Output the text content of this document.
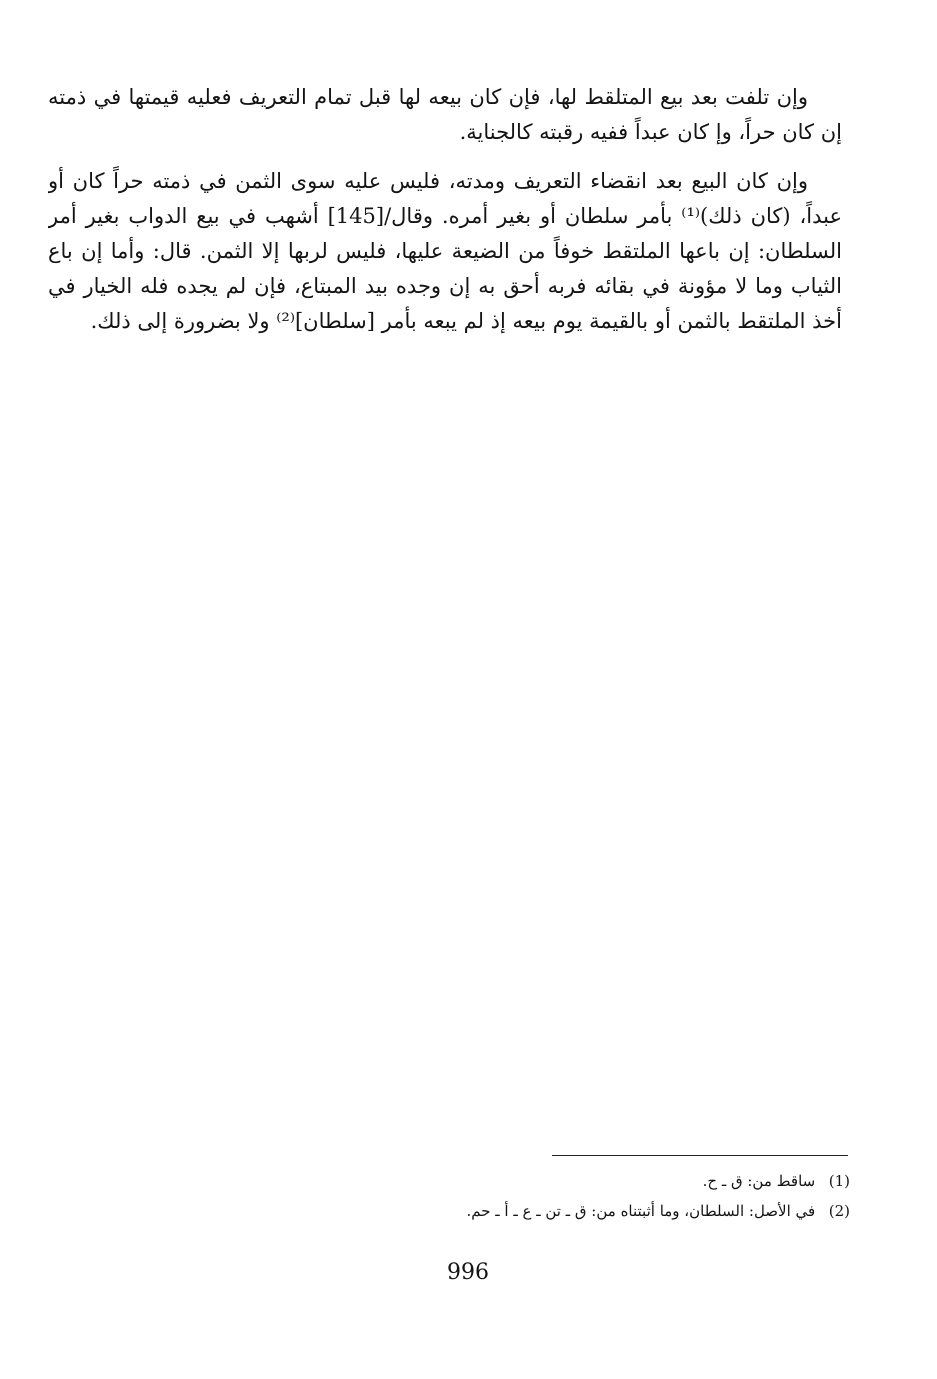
وإن تلفت بعد بيع المتلقط لها، فإن كان بيعه لها قبل تمام التعريف فعليه قيمتها في ذمته
إن كان حراً، وإ كان عبداً ففيه رقبته كالجناية.
وإن كان البيع بعد انقضاء التعريف ومدته، فليس عليه سوى الثمن في ذمته حراً كان أو
عبداً، (كان ذلك)⁽¹⁾ بأمر سلطان أو بغير أمره. وقال/[145] أشهب في بيع الدواب بغير أمر
السلطان: إن باعها الملتقط خوفاً من الضيعة عليها، فليس لربها إلا الثمن. قال: وأما إن باع
الثياب وما لا مؤونة في بقائه فربه أحق به إن وجده بيد المبتاع، فإن لم يجده فله الخيار في
أخذ الملتقط بالثمن أو بالقيمة يوم بيعه إذ لم يبعه بأمر [سلطان]⁽²⁾ ولا بضرورة إلى ذلك.
(1) ساقط من: ق ـ ح.
(2) في الأصل: السلطان، وما أثبتناه من: ق ـ تن ـ ع ـ أ ـ حم.
996
